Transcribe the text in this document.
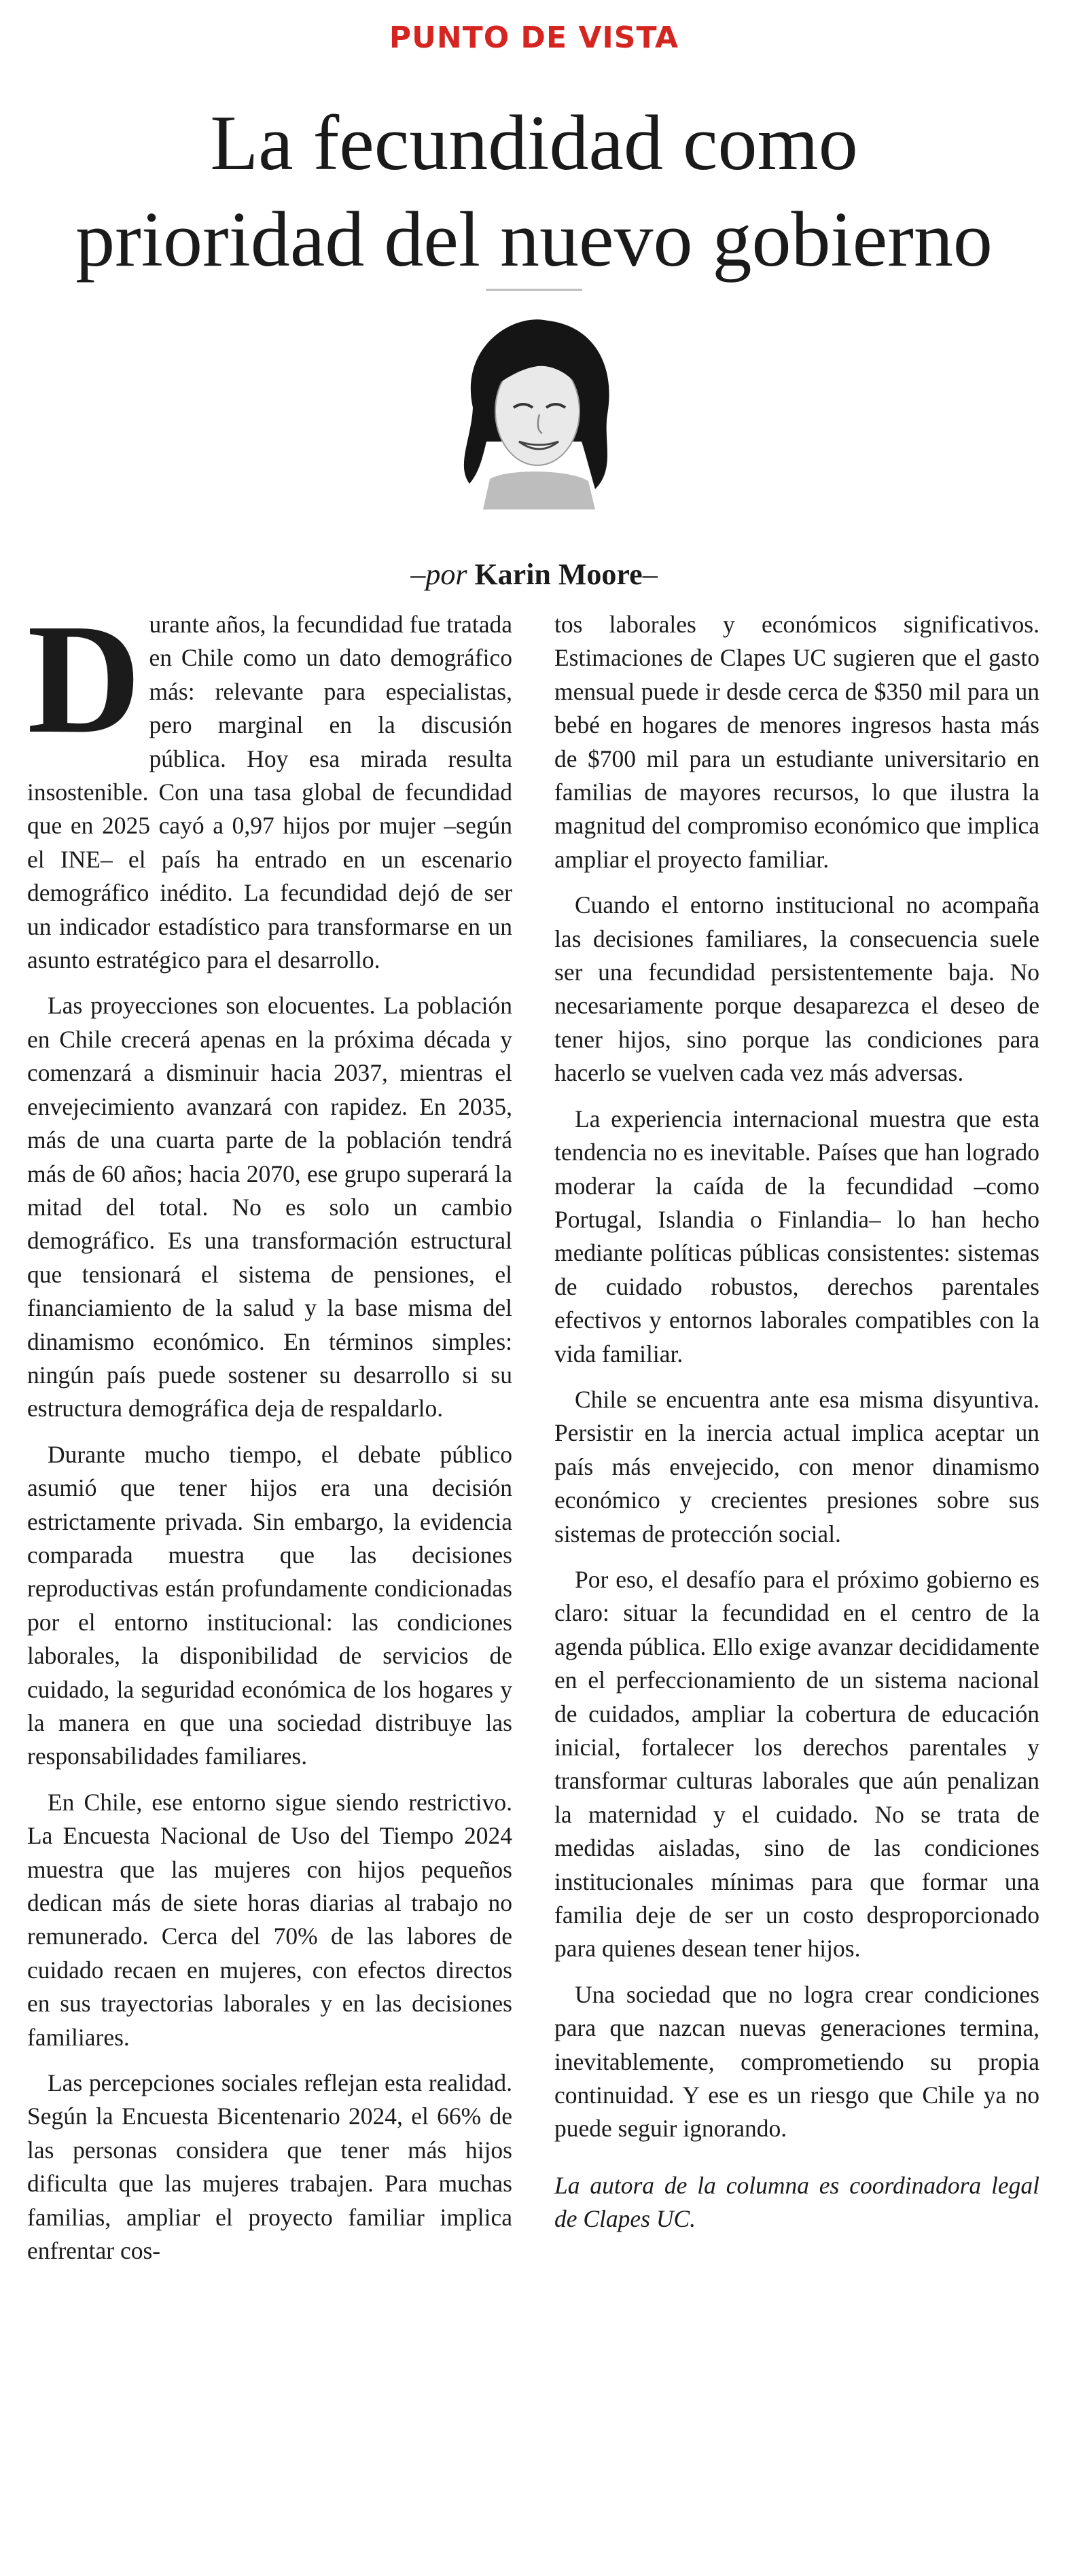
PUNTO DE VISTA
La fecundidad como
prioridad del nuevo gobierno
–por Karin Moore–

Durante años, la fecundidad fue tratada en Chile como un dato demográfico más: relevante para especialistas, pero marginal en la discusión pública. Hoy esa mirada resulta insostenible. Con una tasa global de fecundidad que en 2025 cayó a 0,97 hijos por mujer –según el INE– el país ha entrado en un escenario demográfico inédito. La fecundidad dejó de ser un indicador estadístico para transformarse en un asunto estratégico para el desarrollo.

Las proyecciones son elocuentes. La población en Chile crecerá apenas en la próxima década y comenzará a disminuir hacia 2037, mientras el envejecimiento avanzará con rapidez. En 2035, más de una cuarta parte de la población tendrá más de 60 años; hacia 2070, ese grupo superará la mitad del total. No es solo un cambio demográfico. Es una transformación estructural que tensionará el sistema de pensiones, el financiamiento de la salud y la base misma del dinamismo económico. En términos simples: ningún país puede sostener su desarrollo si su estructura demográfica deja de respaldarlo.

Durante mucho tiempo, el debate público asumió que tener hijos era una decisión estrictamente privada. Sin embargo, la evidencia comparada muestra que las decisiones reproductivas están profundamente condicionadas por el entorno institucional: las condiciones laborales, la disponibilidad de servicios de cuidado, la seguridad económica de los hogares y la manera en que una sociedad distribuye las responsabilidades familiares.

En Chile, ese entorno sigue siendo restrictivo. La Encuesta Nacional de Uso del Tiempo 2024 muestra que las mujeres con hijos pequeños dedican más de siete horas diarias al trabajo no remunerado. Cerca del 70% de las labores de cuidado recaen en mujeres, con efectos directos en sus trayectorias laborales y en las decisiones familiares.

Las percepciones sociales reflejan esta realidad. Según la Encuesta Bicentenario 2024, el 66% de las personas considera que tener más hijos dificulta que las mujeres trabajen. Para muchas familias, ampliar el proyecto familiar implica enfrentar cos-

tos laborales y económicos significativos. Estimaciones de Clapes UC sugieren que el gasto mensual puede ir desde cerca de $350 mil para un bebé en hogares de menores ingresos hasta más de $700 mil para un estudiante universitario en familias de mayores recursos, lo que ilustra la magnitud del compromiso económico que implica ampliar el proyecto familiar.

Cuando el entorno institucional no acompaña las decisiones familiares, la consecuencia suele ser una fecundidad persistentemente baja. No necesariamente porque desaparezca el deseo de tener hijos, sino porque las condiciones para hacerlo se vuelven cada vez más adversas.

La experiencia internacional muestra que esta tendencia no es inevitable. Países que han logrado moderar la caída de la fecundidad –como Portugal, Islandia o Finlandia– lo han hecho mediante políticas públicas consistentes: sistemas de cuidado robustos, derechos parentales efectivos y entornos laborales compatibles con la vida familiar.

Chile se encuentra ante esa misma disyuntiva. Persistir en la inercia actual implica aceptar un país más envejecido, con menor dinamismo económico y crecientes presiones sobre sus sistemas de protección social.

Por eso, el desafío para el próximo gobierno es claro: situar la fecundidad en el centro de la agenda pública. Ello exige avanzar decididamente en el perfeccionamiento de un sistema nacional de cuidados, ampliar la cobertura de educación inicial, fortalecer los derechos parentales y transformar culturas laborales que aún penalizan la maternidad y el cuidado. No se trata de medidas aisladas, sino de las condiciones institucionales mínimas para que formar una familia deje de ser un costo desproporcionado para quienes desean tener hijos.

Una sociedad que no logra crear condiciones para que nazcan nuevas generaciones termina, inevitablemente, comprometiendo su propia continuidad. Y ese es un riesgo que Chile ya no puede seguir ignorando.

La autora de la columna es coordinadora legal de Clapes UC.
